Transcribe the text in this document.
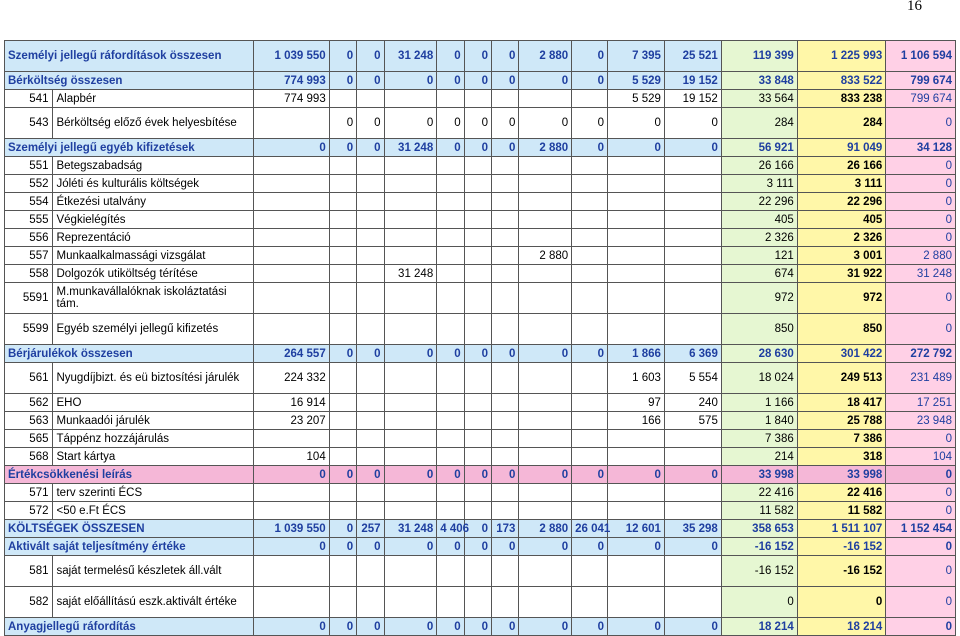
16
Személyi jellegű ráfordítások összesen		1 039 550	0	0	31 248	0	0	0	2 880	0	7 395	25 521	119 399	1 225 993	1 106 594
Bérköltség összesen		774 993	0	0	0	0	0	0	0	0	5 529	19 152	33 848	833 522	799 674
541	Alapbér	774 993									5 529	19 152	33 564	833 238	799 674
543	Bérköltség előző évek helyesbítése		0	0	0	0	0	0	0	0	0	0	284	284	0
Személyi jellegű egyéb kifizetések		0	0	0	31 248	0	0	0	2 880	0	0	0	56 921	91 049	34 128
551	Betegszabadság												26 166	26 166	0
552	Jóléti és kulturális költségek												3 111	3 111	0
554	Étkezési utalvány												22 296	22 296	0
555	Végkielégítés												405	405	0
556	Reprezentáció												2 326	2 326	0
557	Munkaalkalmassági vizsgálat								2 880				121	3 001	2 880
558	Dolgozók utiköltség térítése				31 248								674	31 922	31 248
5591	M.munkavállalóknak iskoláztatási tám.												972	972	0
5599	Egyéb személyi jellegű kifizetés												850	850	0
Bérjárulékok összesen		264 557	0	0	0	0	0	0	0	0	1 866	6 369	28 630	301 422	272 792
561	Nyugdíjbizt. és eü biztosítési járulék	224 332									1 603	5 554	18 024	249 513	231 489
562	EHO	16 914									97	240	1 166	18 417	17 251
563	Munkaadói járulék	23 207									166	575	1 840	25 788	23 948
565	Táppénz hozzájárulás												7 386	7 386	0
568	Start kártya	104											214	318	104
Értékcsökkenési leírás		0	0	0	0	0	0	0	0	0	0	0	33 998	33 998	0
571	terv szerinti ÉCS												22 416	22 416	0
572	<50 e.Ft ÉCS												11 582	11 582	0
KÖLTSÉGEK ÖSSZESEN		1 039 550	0	257	31 248	4 406	0	173	2 880	26 041	12 601	35 298	358 653	1 511 107	1 152 454
Aktivált saját teljesítmény értéke		0	0	0	0	0	0	0	0	0	0	0	-16 152	-16 152	0
581	saját termelésű készletek áll.vált												-16 152	-16 152	0
582	saját előállítású eszk.aktivált értéke												0	0	0
Anyagjellegű ráfordítás		0	0	0	0	0	0	0	0	0	0	0	18 214	18 214	0
